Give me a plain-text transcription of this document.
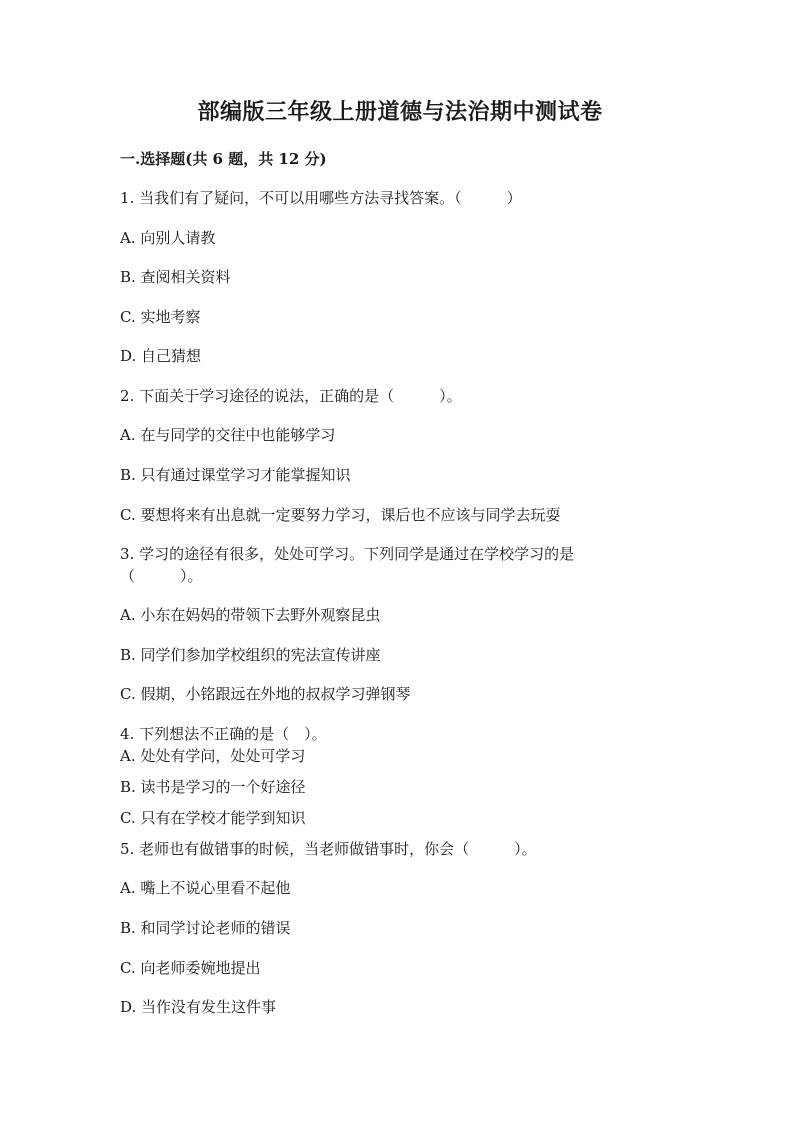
部编版三年级上册道德与法治期中测试卷
一.选择题(共 6 题，共 12 分)
1. 当我们有了疑问，不可以用哪些方法寻找答案。（　　　）
A. 向别人请教
B. 查阅相关资料
C. 实地考察
D. 自己猜想
2. 下面关于学习途径的说法，正确的是（　　　）。
A. 在与同学的交往中也能够学习
B. 只有通过课堂学习才能掌握知识
C. 要想将来有出息就一定要努力学习，课后也不应该与同学去玩耍
3. 学习的途径有很多，处处可学习。下列同学是通过在学校学习的是
（　　　）。
A. 小东在妈妈的带领下去野外观察昆虫
B. 同学们参加学校组织的宪法宣传讲座
C. 假期，小铭跟远在外地的叔叔学习弹钢琴
4. 下列想法不正确的是（　）。
A. 处处有学问，处处可学习
B. 读书是学习的一个好途径
C. 只有在学校才能学到知识
5. 老师也有做错事的时候，当老师做错事时，你会（　　　）。
A. 嘴上不说心里看不起他
B. 和同学讨论老师的错误
C. 向老师委婉地提出
D. 当作没有发生这件事
